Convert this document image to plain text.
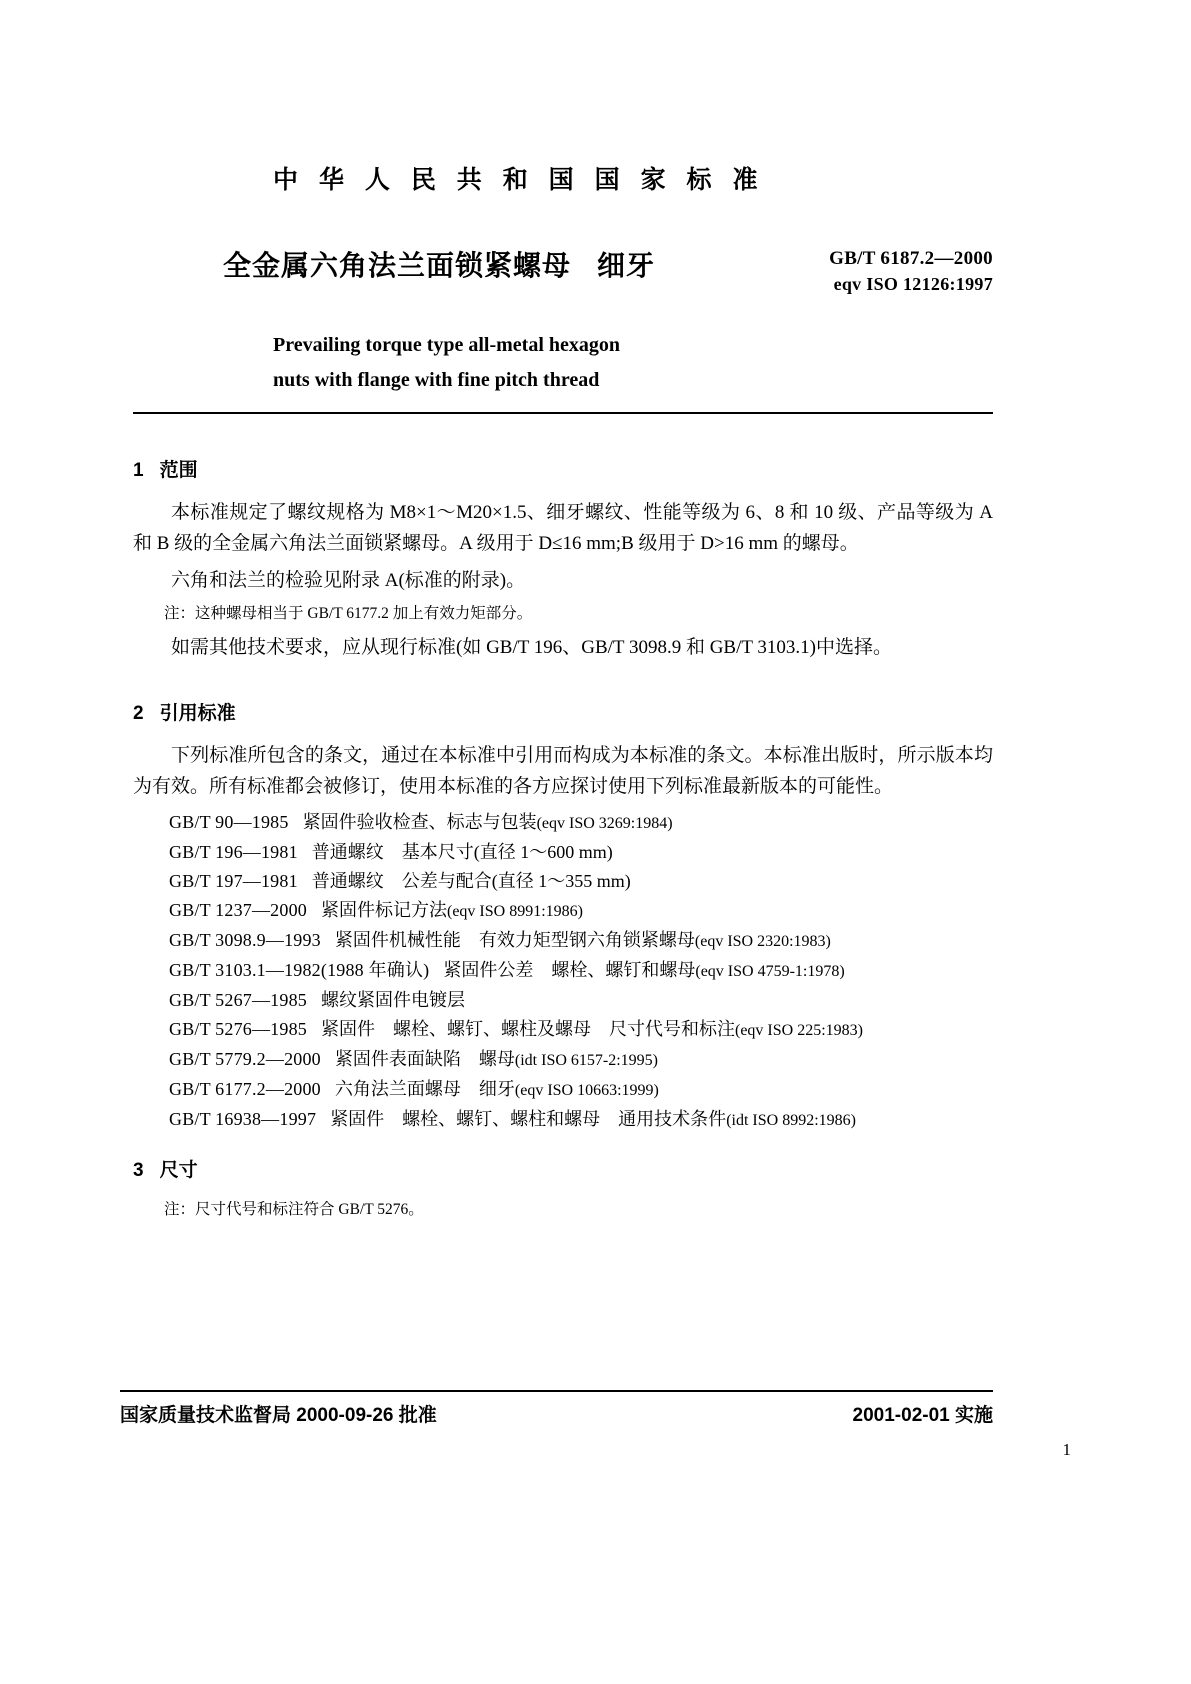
中 华 人 民 共 和 国 国 家 标 准
全金属六角法兰面锁紧螺母 细牙	GB/T 6187.2—2000
eqv ISO 12126:1997
Prevailing torque type all-metal hexagon
nuts with flange with fine pitch thread
1 范围

本标准规定了螺纹规格为 M8×1～M20×1.5、细牙螺纹、性能等级为 6、8 和 10 级、产品等级为 A 和 B 级的全金属六角法兰面锁紧螺母。A 级用于 D≤16 mm;B 级用于 D>16 mm 的螺母。

六角和法兰的检验见附录 A(标准的附录)。

注：这种螺母相当于 GB/T 6177.2 加上有效力矩部分。

如需其他技术要求，应从现行标准(如 GB/T 196、GB/T 3098.9 和 GB/T 3103.1)中选择。

2 引用标准

下列标准所包含的条文，通过在本标准中引用而构成为本标准的条文。本标准出版时，所示版本均为有效。所有标准都会被修订，使用本标准的各方应探讨使用下列标准最新版本的可能性。

GB/T 90—1985 紧固件验收检查、标志与包装(eqv ISO 3269:1984)
GB/T 196—1981 普通螺纹　基本尺寸(直径 1～600 mm)
GB/T 197—1981 普通螺纹　公差与配合(直径 1～355 mm)
GB/T 1237—2000 紧固件标记方法(eqv ISO 8991:1986)
GB/T 3098.9—1993 紧固件机械性能　有效力矩型钢六角锁紧螺母(eqv ISO 2320:1983)
GB/T 3103.1—1982(1988 年确认) 紧固件公差　螺栓、螺钉和螺母(eqv ISO 4759-1:1978)
GB/T 5267—1985 螺纹紧固件电镀层
GB/T 5276—1985 紧固件　螺栓、螺钉、螺柱及螺母　尺寸代号和标注(eqv ISO 225:1983)
GB/T 5779.2—2000 紧固件表面缺陷　螺母(idt ISO 6157-2:1995)
GB/T 6177.2—2000 六角法兰面螺母　细牙(eqv ISO 10663:1999)
GB/T 16938—1997 紧固件　螺栓、螺钉、螺柱和螺母　通用技术条件(idt ISO 8992:1986)
3 尺寸

注：尺寸代号和标注符合 GB/T 5276。

国家质量技术监督局 2000-09-26 批准	2001-02-01 实施
1
